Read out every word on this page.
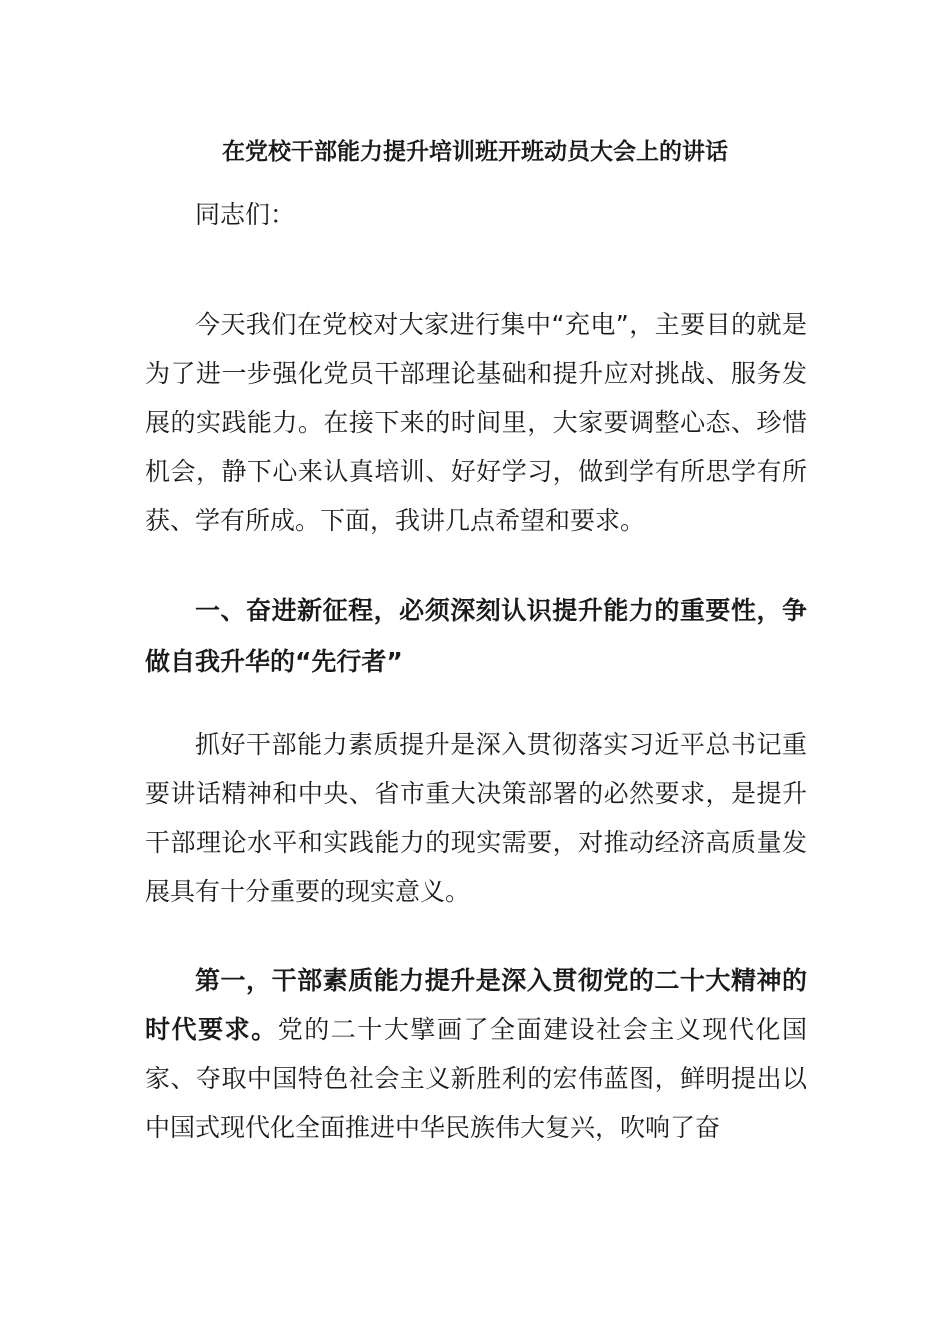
在党校干部能力提升培训班开班动员大会上的讲话
同志们：
今天我们在党校对大家进行集中“充电”，主要目的就是为了进一步强化党员干部理论基础和提升应对挑战、服务发展的实践能力。在接下来的时间里，大家要调整心态、珍惜机会，静下心来认真培训、好好学习，做到学有所思学有所获、学有所成。下面，我讲几点希望和要求。
一、奋进新征程，必须深刻认识提升能力的重要性，争做自我升华的“先行者”
抓好干部能力素质提升是深入贯彻落实习近平总书记重要讲话精神和中央、省市重大决策部署的必然要求，是提升干部理论水平和实践能力的现实需要，对推动经济高质量发展具有十分重要的现实意义。
第一，干部素质能力提升是深入贯彻党的二十大精神的时代要求。党的二十大擘画了全面建设社会主义现代化国家、夺取中国特色社会主义新胜利的宏伟蓝图，鲜明提出以中国式现代化全面推进中华民族伟大复兴，吹响了奋
